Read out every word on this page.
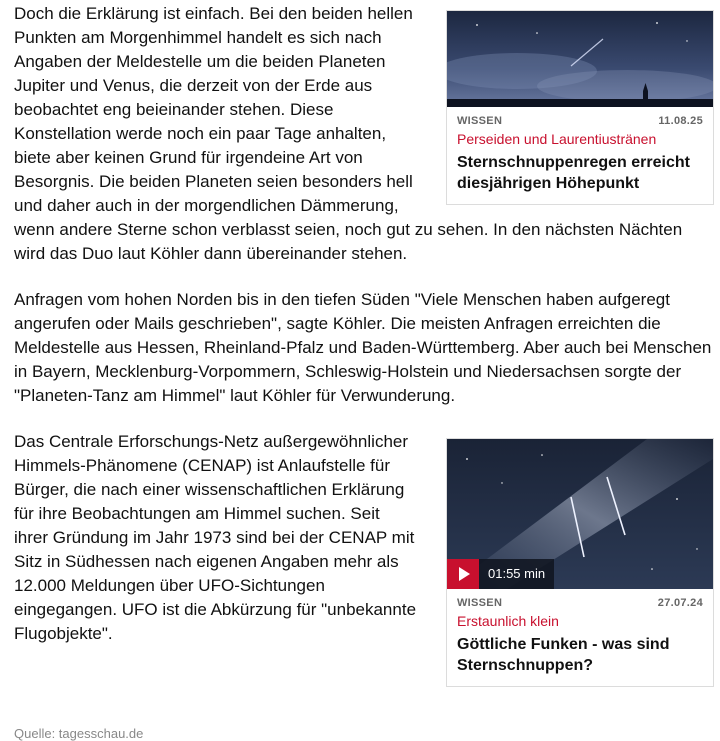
WISSEN	11.08.25
Perseiden und Laurentiustränen
Sternschnuppenregen erreicht diesjährigen Höhepunkt

Doch die Erklärung ist einfach. Bei den beiden hellen Punkten am Morgenhimmel handelt es sich nach Angaben der Meldestelle um die beiden Planeten Jupiter und Venus, die derzeit von der Erde aus beobachtet eng beieinander stehen. Diese Konstellation werde noch ein paar Tage anhalten, biete aber keinen Grund für irgendeine Art von Besorgnis. Die beiden Planeten seien besonders hell und daher auch in der morgendlichen Dämmerung, wenn andere Sterne schon verblasst seien, noch gut zu sehen. In den nächsten Nächten wird das Duo laut Köhler dann übereinander stehen.

Anfragen vom hohen Norden bis in den tiefen Süden "Viele Menschen haben aufgeregt angerufen oder Mails geschrieben", sagte Köhler. Die meisten Anfragen erreichten die Meldestelle aus Hessen, Rheinland-Pfalz und Baden-Württemberg. Aber auch bei Menschen in Bayern, Mecklenburg-Vorpommern, Schleswig-Holstein und Niedersachsen sorgte der "Planeten-Tanz am Himmel" laut Köhler für Verwunderung.

01:55 min
WISSEN	27.07.24
Erstaunlich klein
Göttliche Funken - was sind Sternschnuppen?

Das Centrale Erforschungs-Netz außergewöhnlicher Himmels-Phänomene (CENAP) ist Anlaufstelle für Bürger, die nach einer wissenschaftlichen Erklärung für ihre Beobachtungen am Himmel suchen. Seit ihrer Gründung im Jahr 1973 sind bei der CENAP mit Sitz in Südhessen nach eigenen Angaben mehr als 12.000 Meldungen über UFO-Sichtungen eingegangen. UFO ist die Abkürzung für "unbekannte Flugobjekte".

Quelle: tagesschau.de
